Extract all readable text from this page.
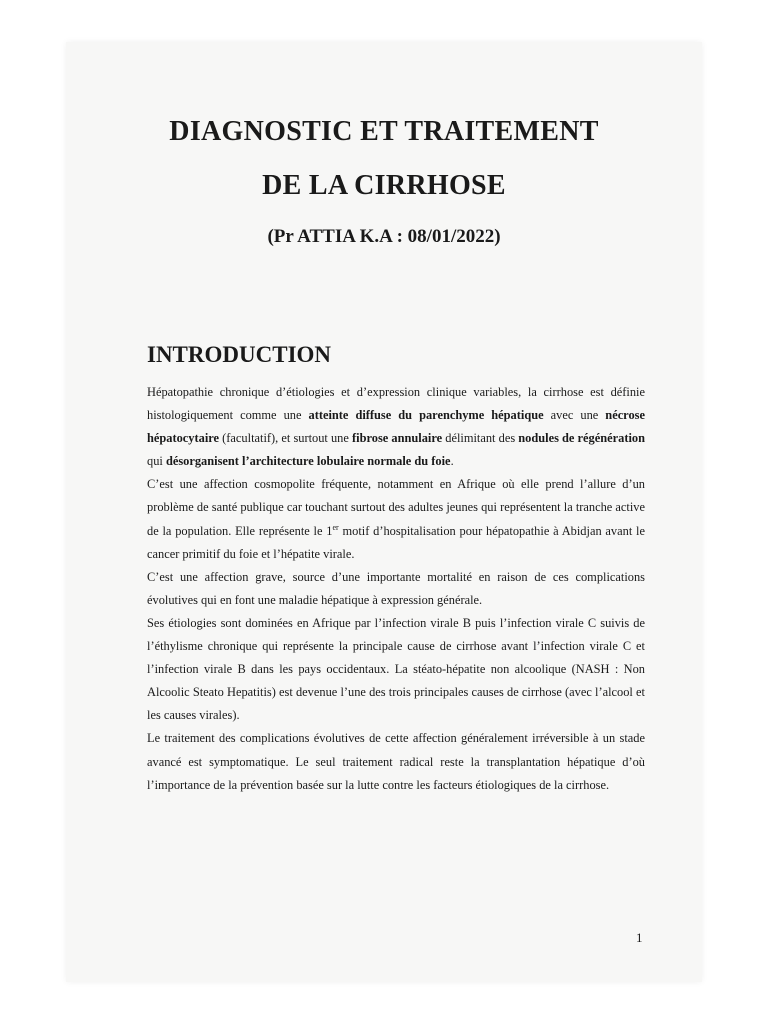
DIAGNOSTIC ET TRAITEMENT
DE LA CIRRHOSE
(Pr ATTIA K.A : 08/01/2022)
INTRODUCTION

Hépatopathie chronique d’étiologies et d’expression clinique variables, la cirrhose est définie histologiquement comme une atteinte diffuse du parenchyme hépatique avec une nécrose hépatocytaire (facultatif), et surtout une fibrose annulaire délimitant des nodules de régénération qui désorganisent l’architecture lobulaire normale du foie.

C’est une affection cosmopolite fréquente, notamment en Afrique où elle prend l’allure d’un problème de santé publique car touchant surtout des adultes jeunes qui représentent la tranche active de la population. Elle représente le 1er motif d’hospitalisation pour hépatopathie à Abidjan avant le cancer primitif du foie et l’hépatite virale.

C’est une affection grave, source d’une importante mortalité en raison de ces complications évolutives qui en font une maladie hépatique à expression générale.

Ses étiologies sont dominées en Afrique par l’infection virale B puis l’infection virale C suivis de l’éthylisme chronique qui représente la principale cause de cirrhose avant l’infection virale C et l’infection virale B dans les pays occidentaux. La stéato-hépatite non alcoolique (NASH : Non Alcoolic Steato Hepatitis) est devenue l’une des trois principales causes de cirrhose (avec l’alcool et les causes virales).

Le traitement des complications évolutives de cette affection généralement irréversible à un stade avancé est symptomatique. Le seul traitement radical reste la transplantation hépatique d’où l’importance de la prévention basée sur la lutte contre les facteurs étiologiques de la cirrhose.

1
